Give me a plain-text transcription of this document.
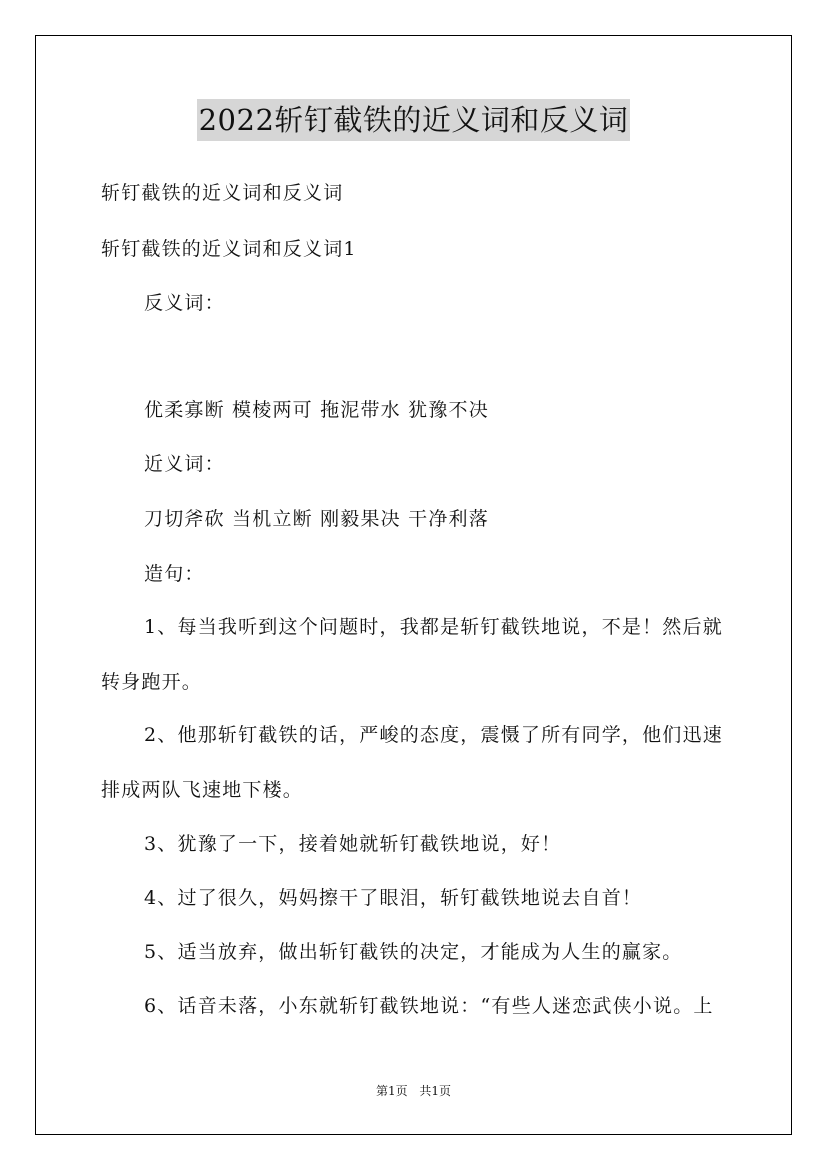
2022斩钉截铁的近义词和反义词
斩钉截铁的近义词和反义词
斩钉截铁的近义词和反义词1
反义词：
优柔寡断 模棱两可 拖泥带水 犹豫不决
近义词：
刀切斧砍 当机立断 刚毅果决 干净利落
造句：
1、每当我听到这个问题时，我都是斩钉截铁地说，不是！然后就
转身跑开。
2、他那斩钉截铁的话，严峻的态度，震慑了所有同学，他们迅速
排成两队飞速地下楼。
3、犹豫了一下，接着她就斩钉截铁地说，好！
4、过了很久，妈妈擦干了眼泪，斩钉截铁地说去自首！
5、适当放弃，做出斩钉截铁的决定，才能成为人生的赢家。
6、话音未落，小东就斩钉截铁地说：“有些人迷恋武侠小说。上
第1页 共1页
